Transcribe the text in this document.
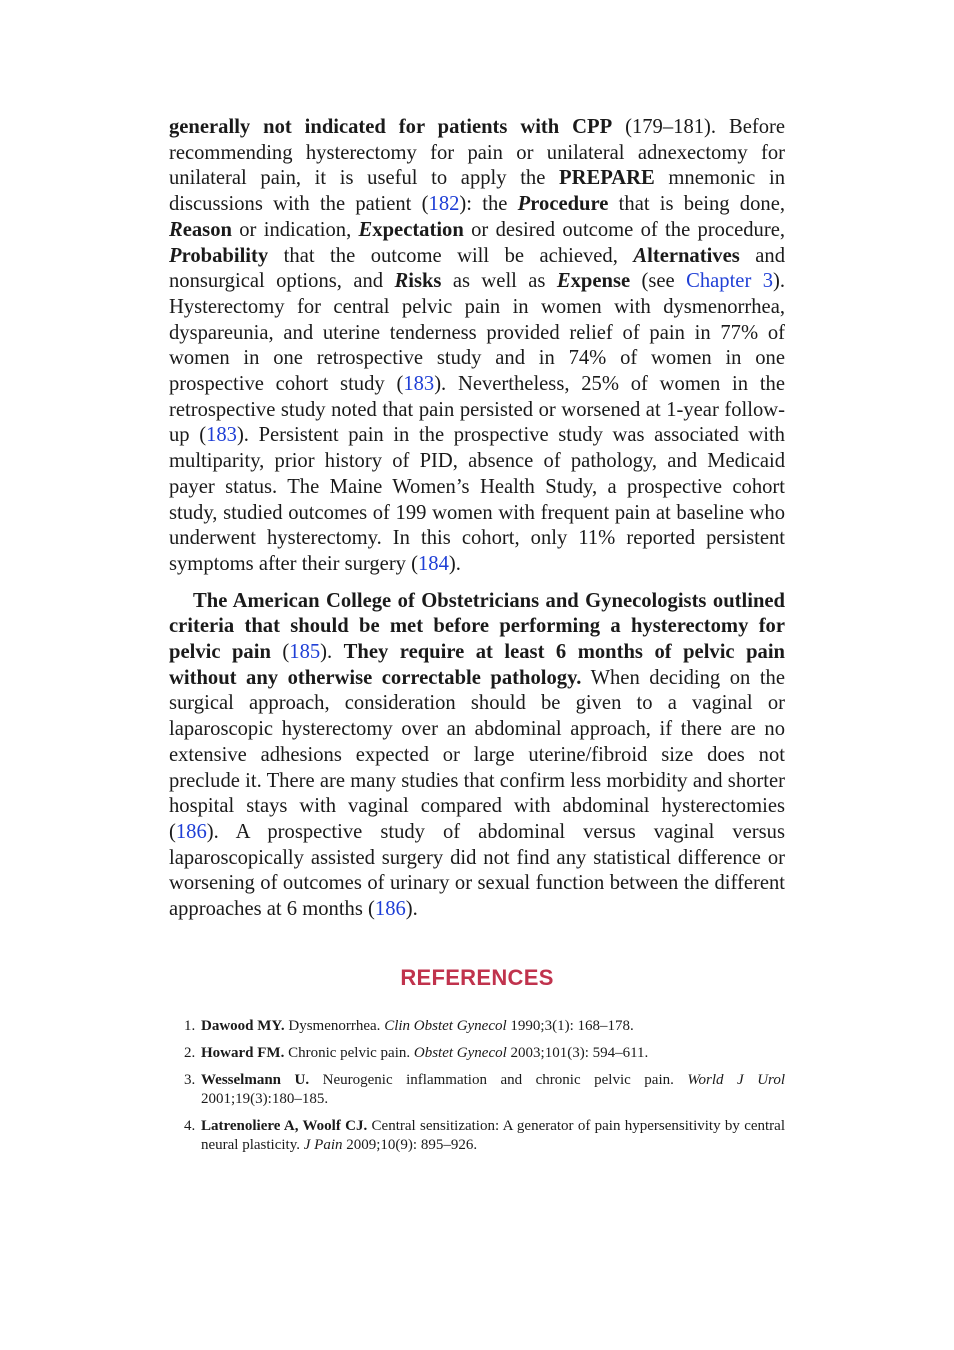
generally not indicated for patients with CPP (179–181). Before recommending hysterectomy for pain or unilateral adnexectomy for unilateral pain, it is useful to apply the PREPARE mnemonic in discussions with the patient (182): the Procedure that is being done, Reason or indication, Expectation or desired outcome of the procedure, Probability that the outcome will be achieved, Alternatives and nonsurgical options, and Risks as well as Expense (see Chapter 3). Hysterectomy for central pelvic pain in women with dysmenorrhea, dyspareunia, and uterine tenderness provided relief of pain in 77% of women in one retrospective study and in 74% of women in one prospective cohort study (183). Nevertheless, 25% of women in the retrospective study noted that pain persisted or worsened at 1-year follow-up (183). Persistent pain in the prospective study was associated with multiparity, prior history of PID, absence of pathology, and Medicaid payer status. The Maine Women’s Health Study, a prospective cohort study, studied outcomes of 199 women with frequent pain at baseline who underwent hysterectomy. In this cohort, only 11% reported persistent symptoms after their surgery (184).

The American College of Obstetricians and Gynecologists outlined criteria that should be met before performing a hysterectomy for pelvic pain (185). They require at least 6 months of pelvic pain without any otherwise correctable pathology. When deciding on the surgical approach, consideration should be given to a vaginal or laparoscopic hysterectomy over an abdominal approach, if there are no extensive adhesions expected or large uterine/fibroid size does not preclude it. There are many studies that confirm less morbidity and shorter hospital stays with vaginal compared with abdominal hysterectomies (186). A prospective study of abdominal versus vaginal versus laparoscopically assisted surgery did not find any statistical difference or worsening of outcomes of urinary or sexual function between the different approaches at 6 months (186).

REFERENCES
1. Dawood MY. Dysmenorrhea. Clin Obstet Gynecol 1990;3(1): 168–178.
2. Howard FM. Chronic pelvic pain. Obstet Gynecol 2003;101(3): 594–611.
3. Wesselmann U. Neurogenic inflammation and chronic pelvic pain. World J Urol 2001;19(3):180–185.
4. Latrenoliere A, Woolf CJ. Central sensitization: A generator of pain hypersensitivity by central neural plasticity. J Pain 2009;10(9): 895–926.
